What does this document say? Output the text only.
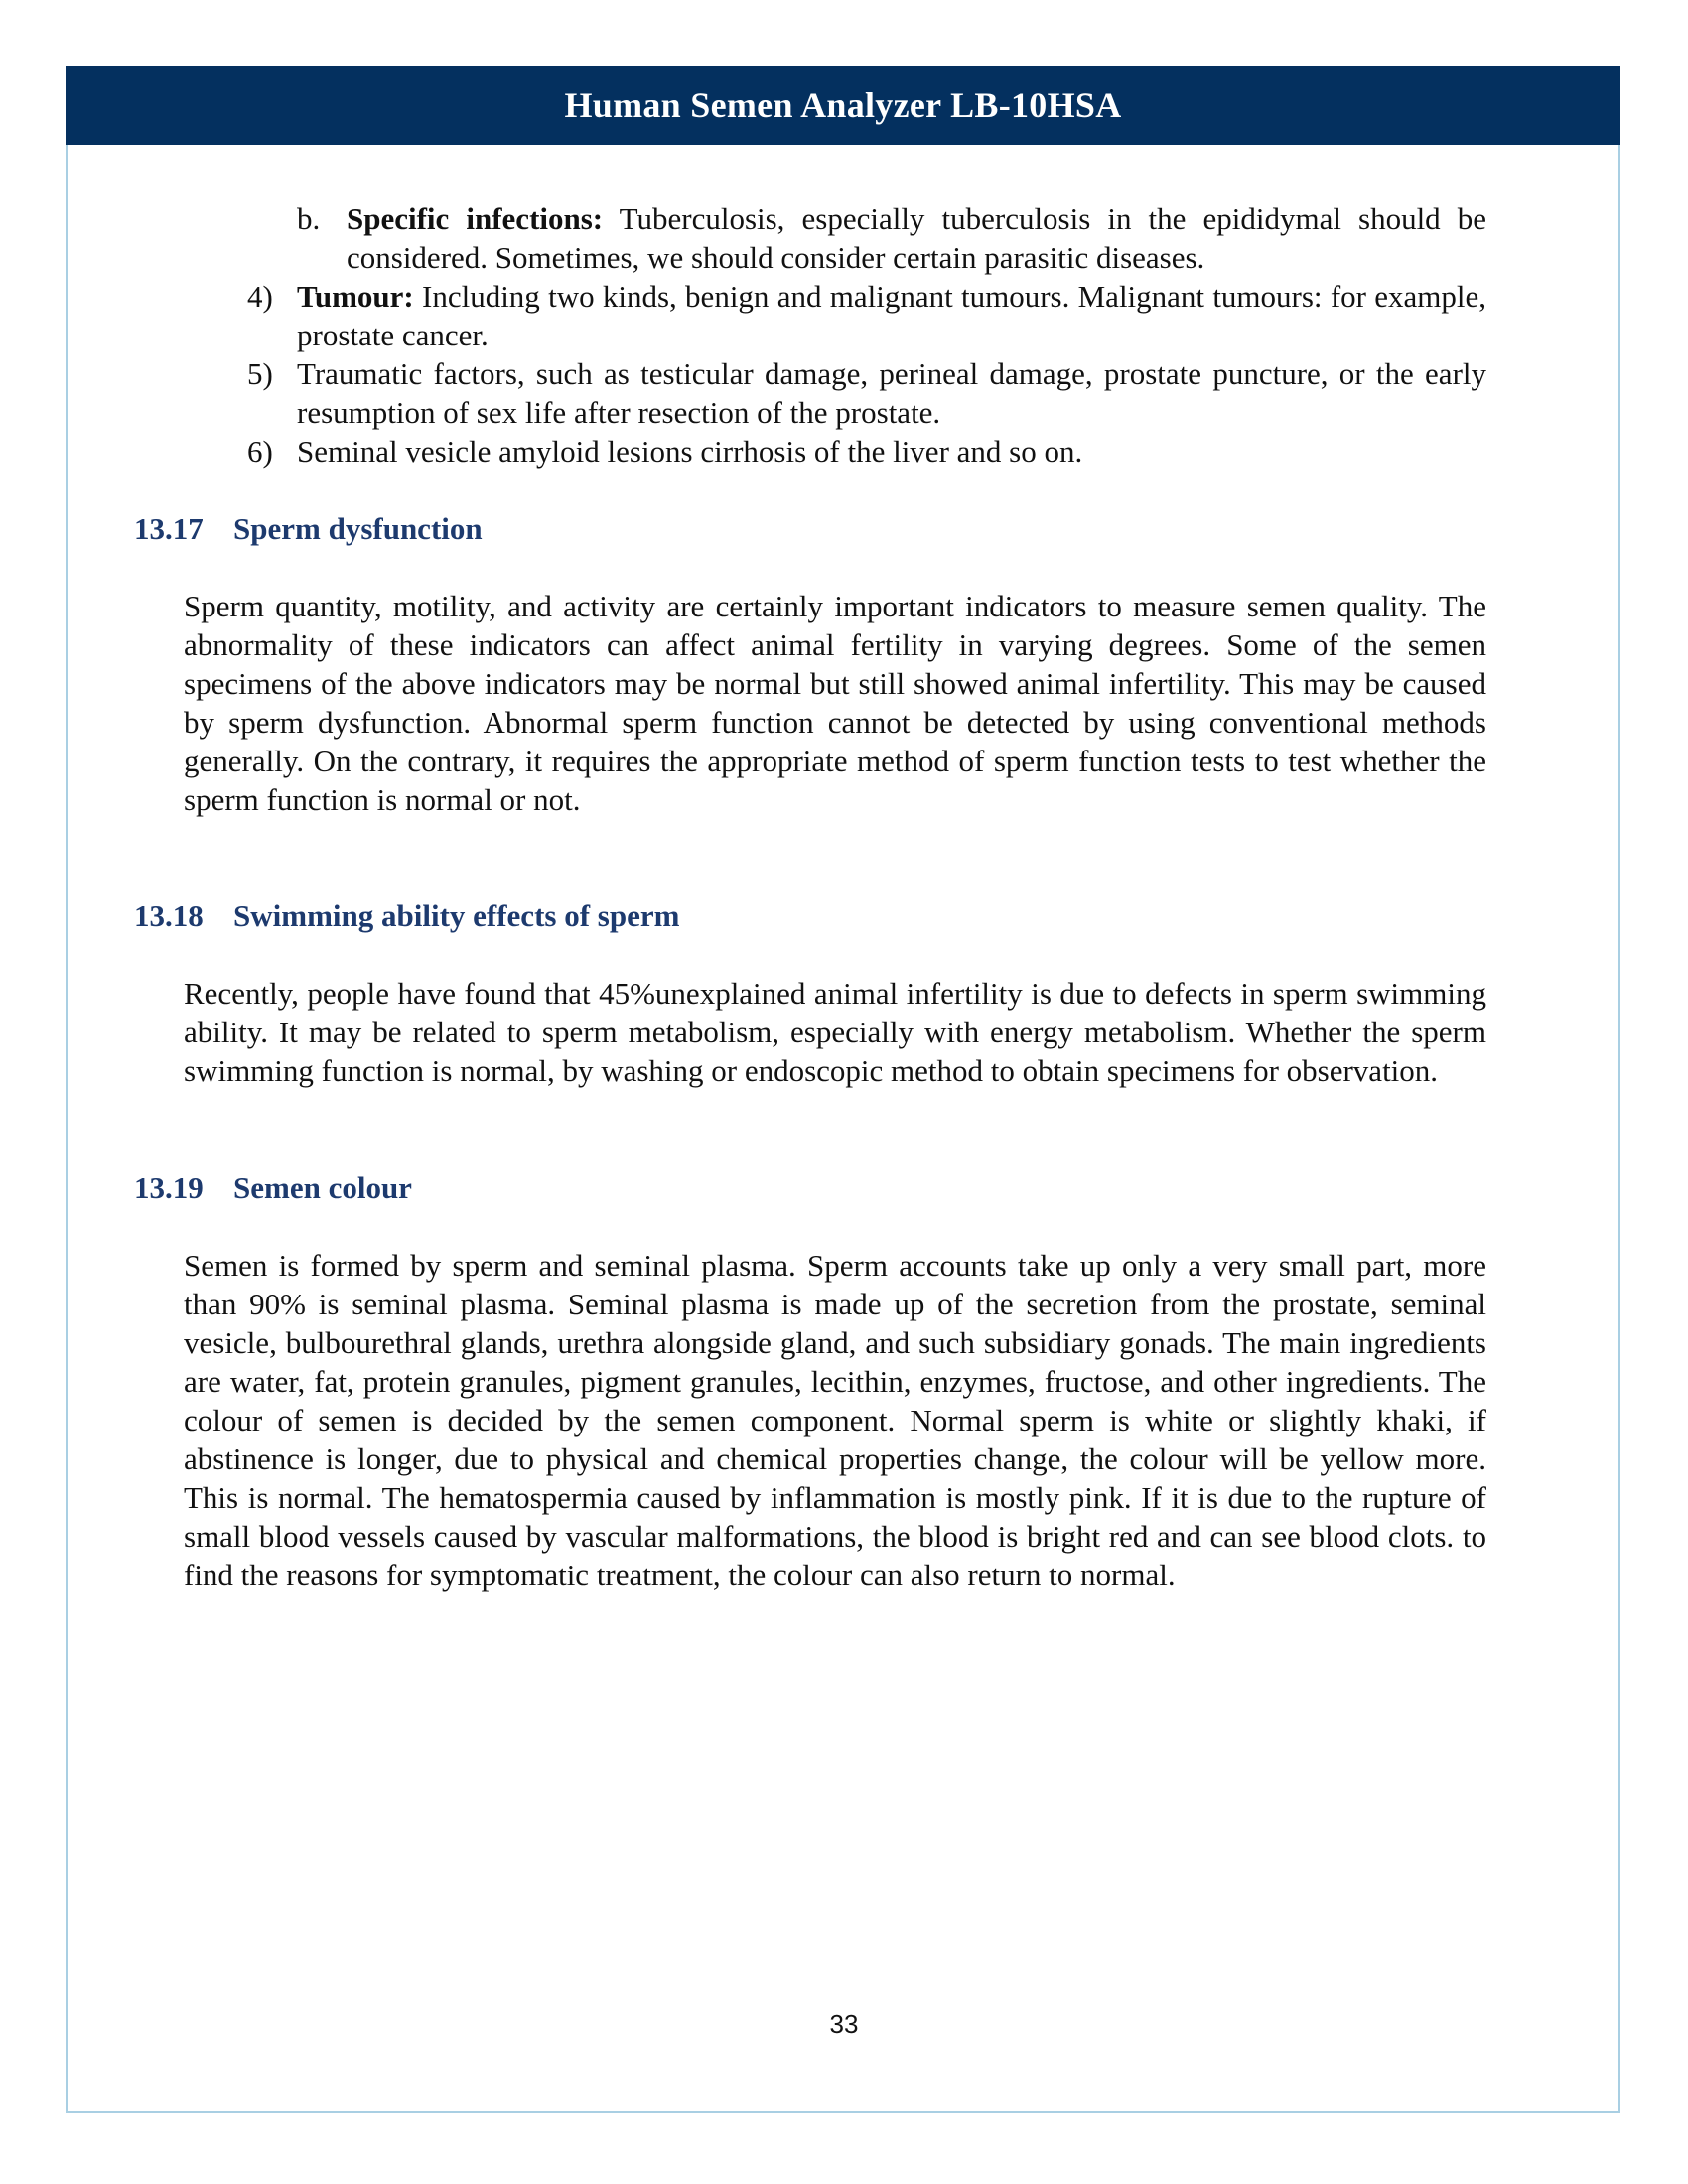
Human Semen Analyzer LB-10HSA
b. Specific infections: Tuberculosis, especially tuberculosis in the epididymal should be considered. Sometimes, we should consider certain parasitic diseases.
4) Tumour: Including two kinds, benign and malignant tumours. Malignant tumours: for example, prostate cancer.
5) Traumatic factors, such as testicular damage, perineal damage, prostate puncture, or the early resumption of sex life after resection of the prostate.
6) Seminal vesicle amyloid lesions cirrhosis of the liver and so on.
13.17 Sperm dysfunction

Sperm quantity, motility, and activity are certainly important indicators to measure semen quality. The abnormality of these indicators can affect animal fertility in varying degrees. Some of the semen specimens of the above indicators may be normal but still showed animal infertility. This may be caused by sperm dysfunction. Abnormal sperm function cannot be detected by using conventional methods generally. On the contrary, it requires the appropriate method of sperm function tests to test whether the sperm function is normal or not.

13.18 Swimming ability effects of sperm

Recently, people have found that 45%unexplained animal infertility is due to defects in sperm swimming ability. It may be related to sperm metabolism, especially with energy metabolism. Whether the sperm swimming function is normal, by washing or endoscopic method to obtain specimens for observation.

13.19 Semen colour

Semen is formed by sperm and seminal plasma. Sperm accounts take up only a very small part, more than 90% is seminal plasma. Seminal plasma is made up of the secretion from the prostate, seminal vesicle, bulbourethral glands, urethra alongside gland, and such subsidiary gonads. The main ingredients are water, fat, protein granules, pigment granules, lecithin, enzymes, fructose, and other ingredients. The colour of semen is decided by the semen component. Normal sperm is white or slightly khaki, if abstinence is longer, due to physical and chemical properties change, the colour will be yellow more. This is normal. The hematospermia caused by inflammation is mostly pink. If it is due to the rupture of small blood vessels caused by vascular malformations, the blood is bright red and can see blood clots. to find the reasons for symptomatic treatment, the colour can also return to normal.

33
